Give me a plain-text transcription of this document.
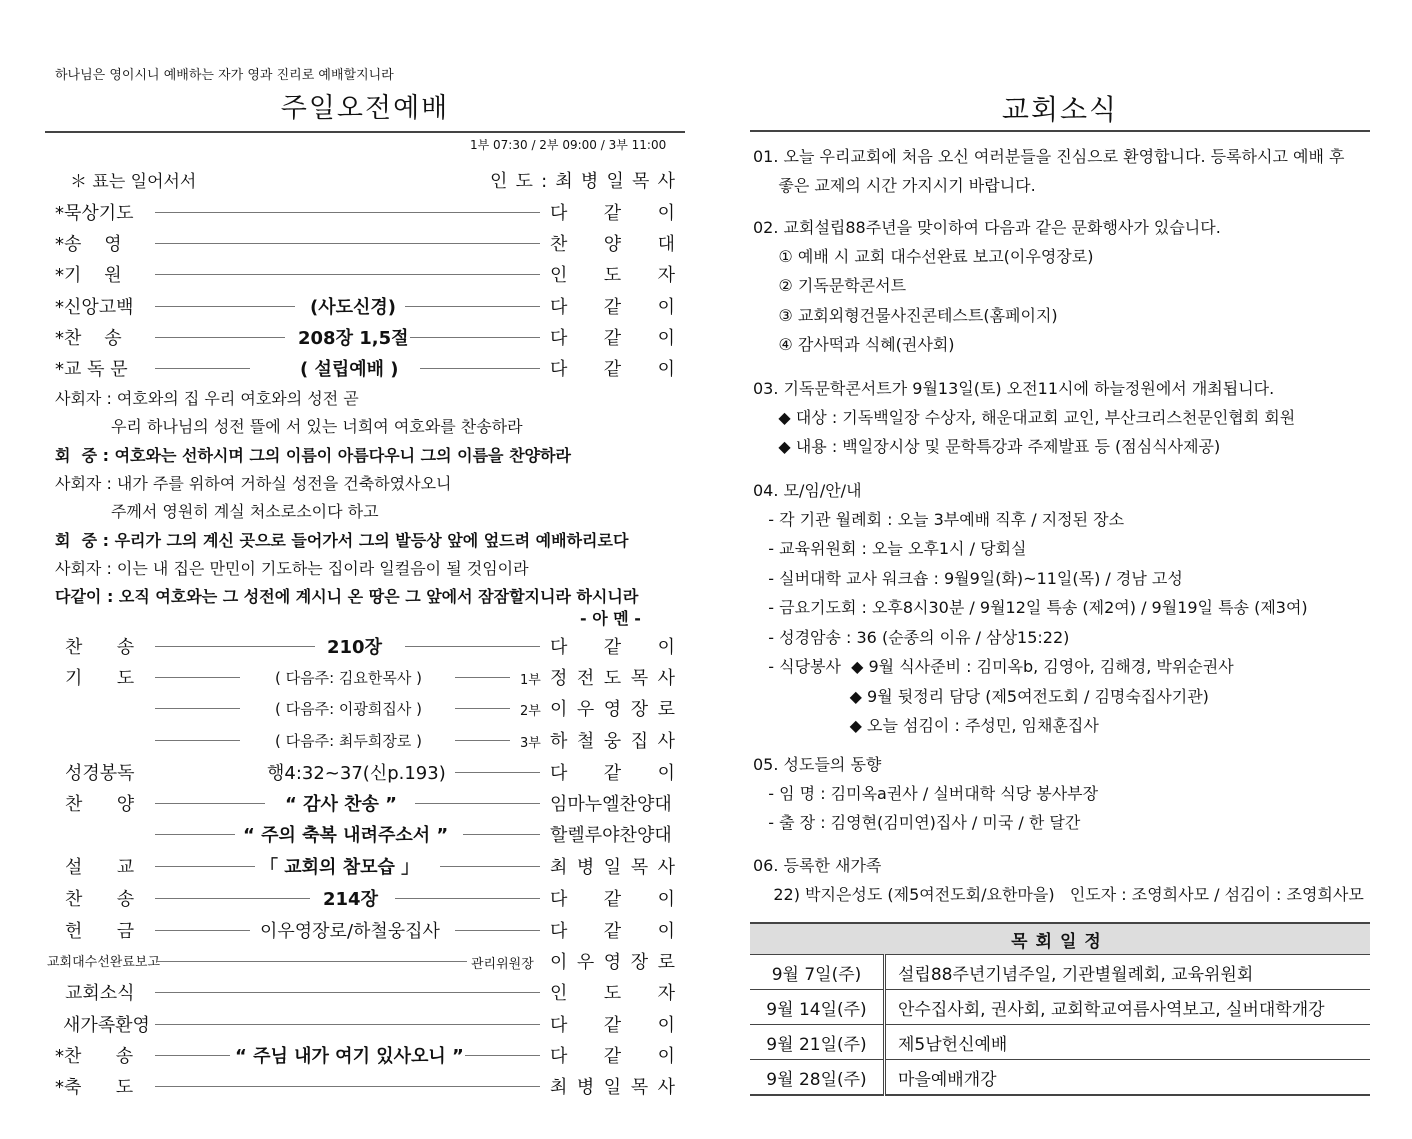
하나님은 영이시니 예배하는 자가 영과 진리로 예배할지니라
주일오전예배
1부 07:30 / 2부 09:00 / 3부 11:00
＊ 표는 일어서서	인 도 : 최 병 일 목 사
*묵상기도	다 같 이
*송    영	찬 양 대
*기    원	인 도 자
*신앙고백	(사도신경)	다 같 이
*찬    송	208장 1,5절	다 같 이
*교 독 문	( 설립예배 )	다 같 이
사회자 : 여호와의 집 우리 여호와의 성전 곧
우리 하나님의 성전 뜰에 서 있는 너희여 여호와를 찬송하라
회  중 : 여호와는 선하시며 그의 이름이 아름다우니 그의 이름을 찬양하라
사회자 : 내가 주를 위하여 거하실 성전을 건축하였사오니
주께서 영원히 계실 처소로소이다 하고
회  중 : 우리가 그의 계신 곳으로 들어가서 그의 발등상 앞에 엎드려 예배하리로다
사회자 : 이는 내 집은 만민이 기도하는 집이라 일컬음이 될 것임이라
다같이 : 오직 여호와는 그 성전에 계시니 온 땅은 그 앞에서 잠잠할지니라 하시니라
- 아 멘 -
찬      송	210장	다 같 이
기      도	( 다음주: 김요한목사 )	1부 정 전 도 목 사
( 다음주: 이광희집사 )	2부 이 우 영 장 로
( 다음주: 최두희장로 )	3부 하 철 웅 집 사
성경봉독	행4:32~37(신p.193)	다 같 이
찬      양	“ 감사 찬송 ”	임마누엘찬양대
“ 주의 축복 내려주소서 ”	할렐루야찬양대
설      교	「 교회의 참모습 」	최 병 일 목 사
찬      송	214장	다 같 이
헌      금	이우영장로/하철웅집사	다 같 이
교회대수선완료보고	관리위원장 이 우 영 장 로
교회소식	인 도 자
새가족환영	다 같 이
*찬      송	“ 주님 내가 여기 있사오니 ”	다 같 이
*축      도	최 병 일 목 사
교회소식
01. 오늘 우리교회에 처음 오신 여러분들을 진심으로 환영합니다. 등록하시고 예배 후
좋은 교제의 시간 가지시기 바랍니다.
02. 교회설립88주년을 맞이하여 다음과 같은 문화행사가 있습니다.
① 예배 시 교회 대수선완료 보고(이우영장로)
② 기독문학콘서트
③ 교회외형건물사진콘테스트(홈페이지)
④ 감사떡과 식혜(권사회)
03. 기독문학콘서트가 9월13일(토) 오전11시에 하늘정원에서 개최됩니다.
◆ 대상 : 기독백일장 수상자, 해운대교회 교인, 부산크리스천문인협회 회원
◆ 내용 : 백일장시상 및 문학특강과 주제발표 등 (점심식사제공)
04. 모/임/안/내
- 각 기관 월례회 : 오늘 3부예배 직후 / 지정된 장소
- 교육위원회 : 오늘 오후1시 / 당회실
- 실버대학 교사 워크숍 : 9월9일(화)~11일(목) / 경남 고성
- 금요기도회 : 오후8시30분 / 9월12일 특송 (제2여) / 9월19일 특송 (제3여)
- 성경암송 : 36 (순종의 이유 / 삼상15:22)
- 식당봉사  ◆ 9월 식사준비 : 김미옥b, 김영아, 김해경, 박위순권사
◆ 9월 뒷정리 담당 (제5여전도회 / 김명숙집사기관)
◆ 오늘 섬김이 : 주성민, 임채훈집사
05. 성도들의 동향
- 임 명 : 김미옥a권사 / 실버대학 식당 봉사부장
- 출 장 : 김영현(김미연)집사 / 미국 / 한 달간
06. 등록한 새가족
22) 박지은성도 (제5여전도회/요한마을)   인도자 : 조영희사모 / 섬김이 : 조영희사모
목회일정	
9월 7일(주)	설립88주년기념주일, 기관별월례회, 교육위원회
9월 14일(주)	안수집사회, 권사회, 교회학교여름사역보고, 실버대학개강
9월 21일(주)	제5남헌신예배
9월 28일(주)	마을예배개강
